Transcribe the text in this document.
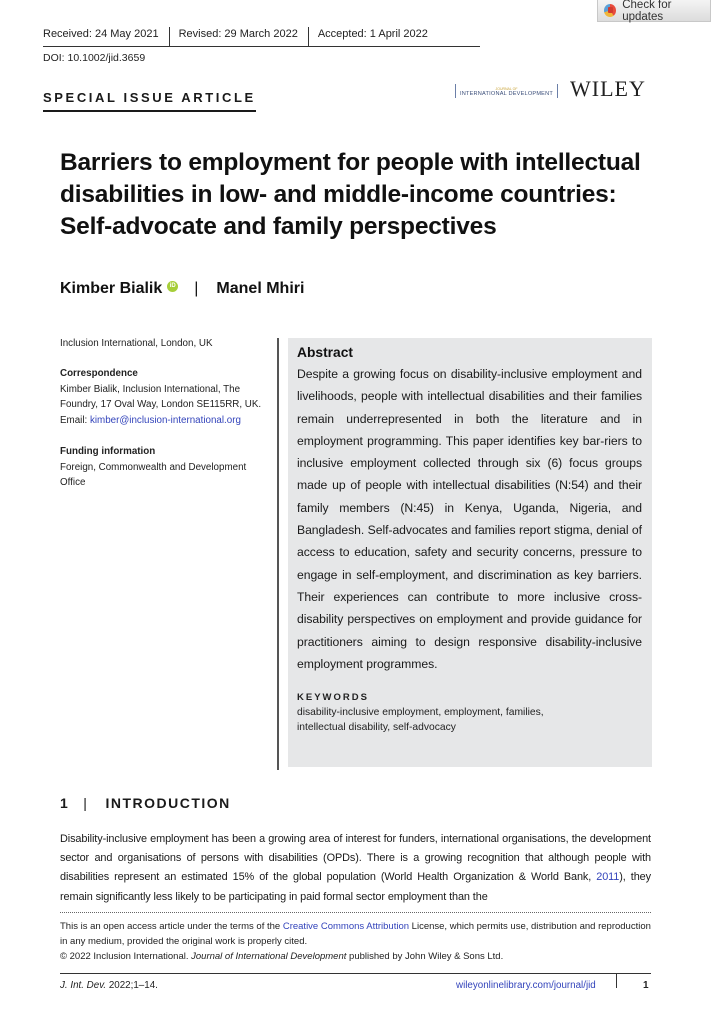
Check for updates
Received: 24 May 2021	Revised: 29 March 2022	Accepted: 1 April 2022
DOI: 10.1002/jid.3659
SPECIAL ISSUE ARTICLE
JOURNAL OF
INTERNATIONAL DEVELOPMENT WILEY
Barriers to employment for people with intellectual disabilities in low- and middle-income countries: Self-advocate and family perspectives
Kimber Bialik	iD | Manel Mhiri
Inclusion International, London, UK
Correspondence
Kimber Bialik, Inclusion International, The Foundry, 17 Oval Way, London SE115RR, UK.
Email: kimber@inclusion-international.org
Funding information
Foreign, Commonwealth and Development Office
Abstract
Despite a growing focus on disability-inclusive employment and livelihoods, people with intellectual disabilities and their families remain underrepresented in both the literature and in employment programming. This paper identifies key bar-riers to inclusive employment collected through six (6) focus groups made up of people with intellectual disabilities (N:54) and their family members (N:45) in Kenya, Uganda, Nigeria, and Bangladesh. Self-advocates and families report stigma, denial of access to education, safety and security concerns, pressure to engage in self-employment, and discrimination as key barriers. Their experiences can contribute to more inclusive cross-disability perspectives on employment and provide guidance for practitioners aiming to design responsive disability-inclusive employment programmes.
KEYWORDS
disability-inclusive employment, employment, families,
intellectual disability, self-advocacy
1 | INTRODUCTION

Disability-inclusive employment has been a growing area of interest for funders, international organisations, the development sector and organisations of persons with disabilities (OPDs). There is a growing recognition that although people with disabilities represent an estimated 15% of the global population (World Health Organization & World Bank, 2011), they remain significantly less likely to be participating in paid formal sector employment than the

This is an open access article under the terms of the Creative Commons Attribution License, which permits use, distribution and reproduction in any medium, provided the original work is properly cited.
© 2022 Inclusion International. Journal of International Development published by John Wiley & Sons Ltd.
J. Int. Dev. 2022;1–14.	wileyonlinelibrary.com/journal/jid	1
